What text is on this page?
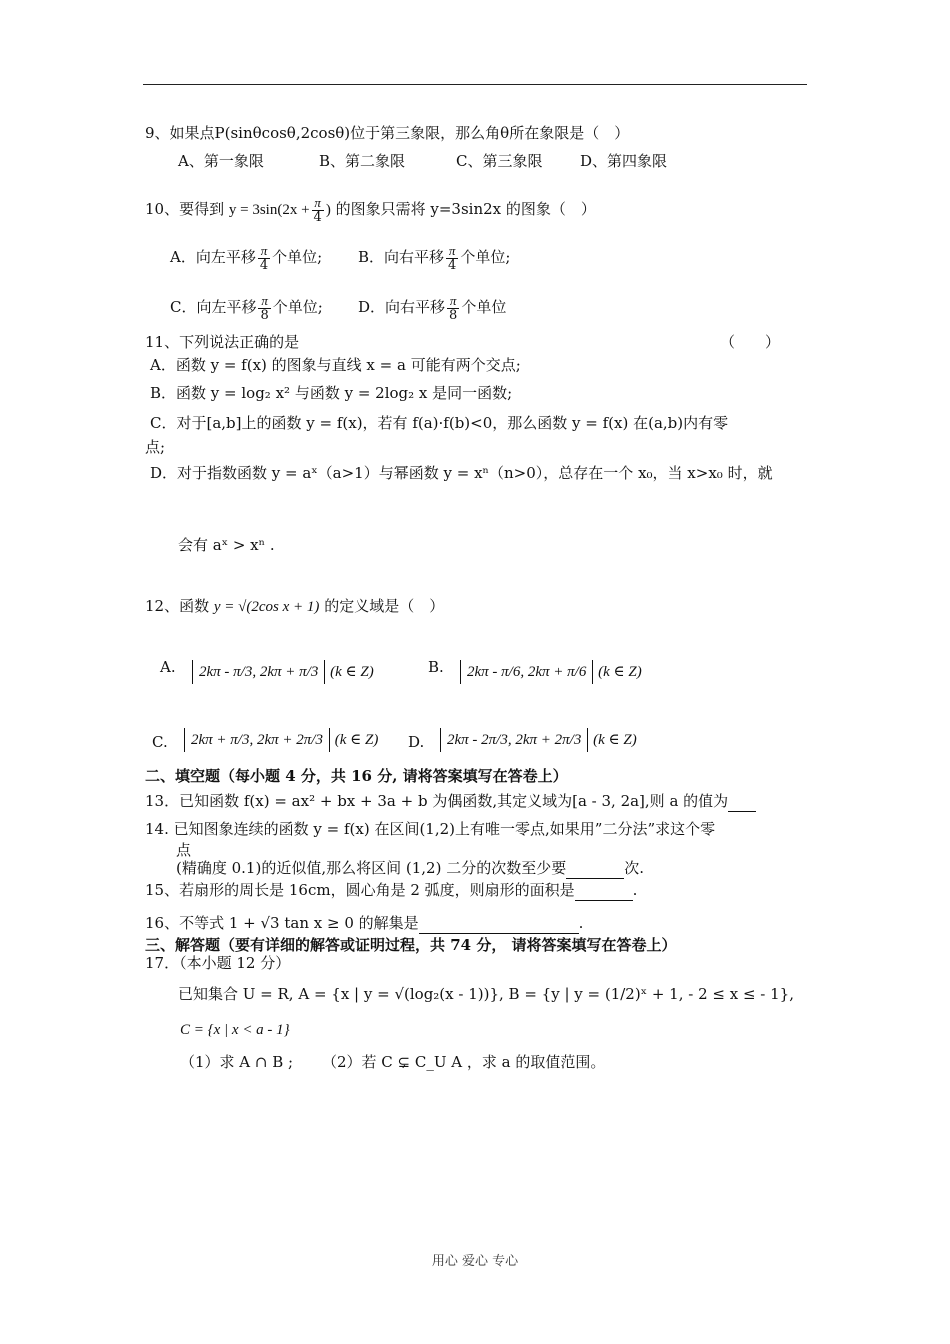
9、如果点P(sinθcosθ,2cosθ)位于第三象限，那么角θ所在象限是（　）
A、第一象限	B、第二象限	C、第三象限	D、第四象限
10、要得到 $y = 3\sin(2x + \frac{\pi}{4}$ ) 的图象只需将 y=3sin2x 的图象（　）
A．向左平移 $\frac{\pi}{4}$ 个单位; B．向右平移 $\frac{\pi}{4}$ 个单位;
C．向左平移 $\frac{\pi}{8}$ 个单位; D．向右平移 $\frac{\pi}{8}$ 个单位
11、下列说法正确的是	（　　）
A．函数 y = f(x) 的图象与直线 x = a 可能有两个交点;
B．函数 y = log₂ x² 与函数 y = 2log₂ x 是同一函数;
C．对于[a,b]上的函数 y = f(x)，若有 f(a)·f(b)<0，那么函数 y = f(x) 在(a,b)内有零
点;
D．对于指数函数 y = aˣ（a>1）与幂函数 y = xⁿ（n>0），总存在一个 x₀，当 x>x₀ 时，就
会有 aˣ > xⁿ .
12、函数 y = √(2cos x + 1) 的定义域是（　）
A.	2kπ - π/3, 2kπ + π/3 (k ∈ Z)	B.	2kπ - π/6, 2kπ + π/6 (k ∈ Z)
C.	2kπ + π/3, 2kπ + 2π/3 (k ∈ Z) D.	2kπ - 2π/3, 2kπ + 2π/3 (k ∈ Z)
二、填空题（每小题 4 分，共 16 分, 请将答案填写在答卷上）
13．已知函数 f(x) = ax² + bx + 3a + b 为偶函数,其定义域为[a - 3, 2a],则 a 的值为
14. 已知图象连续的函数 y = f(x) 在区间(1,2)上有唯一零点,如果用”二分法”求这个零
点
(精确度 0.1)的近似值,那么将区间 (1,2) 二分的次数至少要	次.
15、若扇形的周长是 16cm，圆心角是 2 弧度，则扇形的面积是	.
16、不等式 1 + √3 tan x ≥ 0 的解集是	.
三、解答题（要有详细的解答或证明过程，共 74 分， 请将答案填写在答卷上）
17．（本小题 12 分）
已知集合 U = R, A = {x | y = √(log₂(x - 1))}, B = {y | y = (1/2)ˣ + 1, - 2 ≤ x ≤ - 1},
C = {x | x < a - 1}
（1）求 A ∩ B ; （2）若 C ⊊ C_U A ，求 a 的取值范围。
用心 爱心 专心
